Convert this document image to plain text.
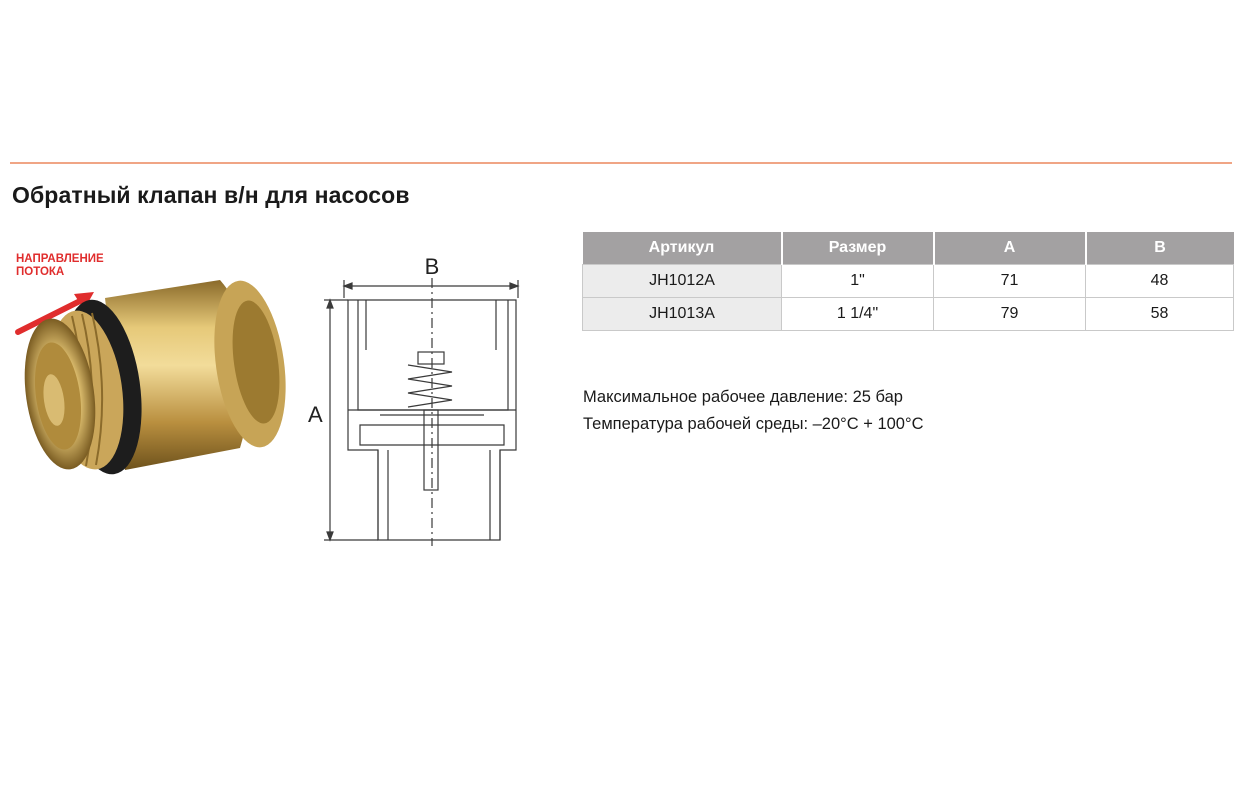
Обратный клапан в/н для насосов
НАПРАВЛЕНИЕ
ПОТОКА	B
A
Артикул	Размер	A	B
JH1012A	1"	71	48
JH1013A	1 1/4"	79	58
Максимальное рабочее давление: 25 бар
Температура рабочей среды: –20°C + 100°C
